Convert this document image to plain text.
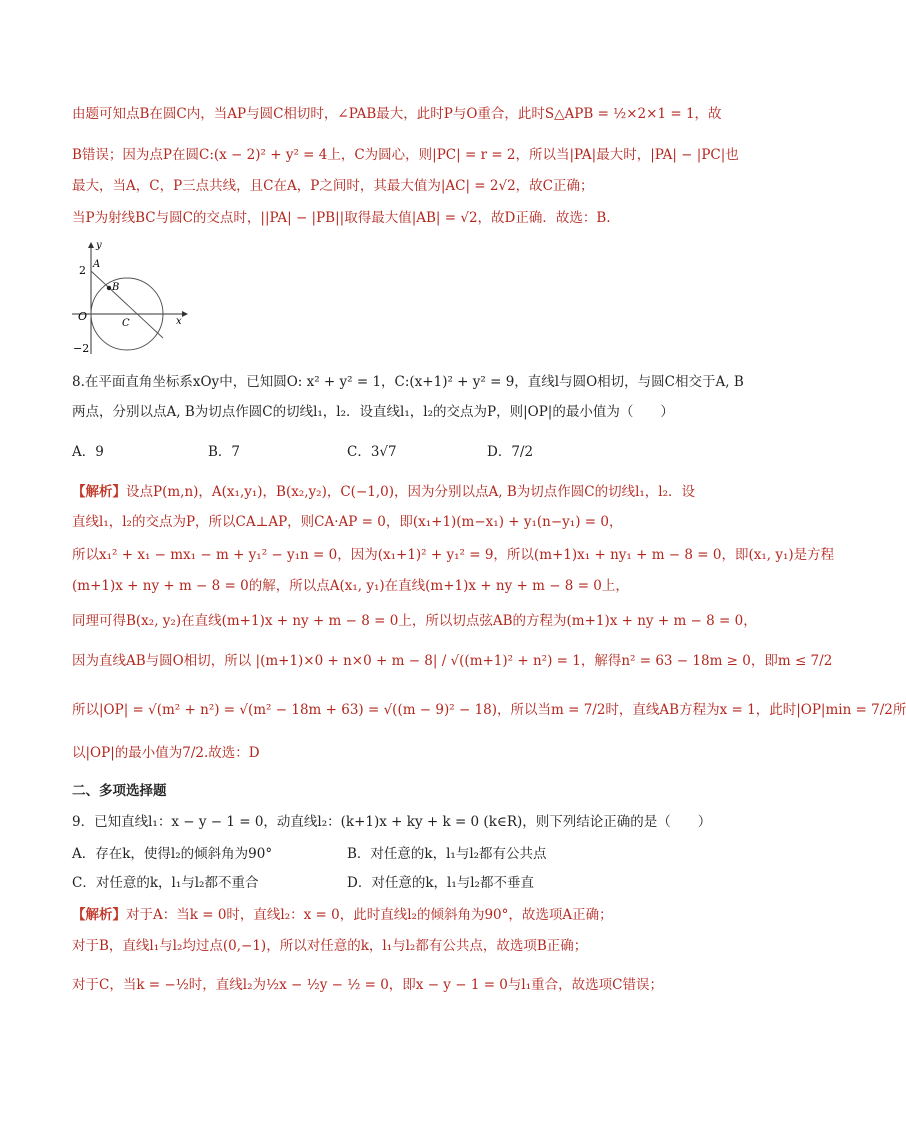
由题可知点B在圆C内，当AP与圆C相切时，∠PAB最大，此时P与O重合，此时S△APB = ½×2×1 = 1，故
B错误；因为点P在圆C:(x − 2)² + y² = 4上，C为圆心，则|PC| = r = 2，所以当|PA|最大时，|PA| − |PC|也
最大，当A，C，P三点共线，且C在A，P之间时，其最大值为|AC| = 2√2，故C正确；
当P为射线BC与圆C的交点时，||PA| − |PB||取得最大值|AB| = √2，故D正确．故选：B.
y
x
2
−2
O
A
B
C
8.在平面直角坐标系xOy中，已知圆O: x² + y² = 1，C:(x+1)² + y² = 9，直线l与圆O相切，与圆C相交于A, B
两点，分别以点A, B为切点作圆C的切线l₁，l₂．设直线l₁，l₂的交点为P，则|OP|的最小值为（　　）
A．9	B．7	C．3√7	D．7/2
【解析】设点P(m,n)，A(x₁,y₁)，B(x₂,y₂)，C(−1,0)，因为分别以点A, B为切点作圆C的切线l₁，l₂．设
直线l₁，l₂的交点为P，所以CA⊥AP，则CA·AP = 0，即(x₁+1)(m−x₁) + y₁(n−y₁) = 0，
所以x₁² + x₁ − mx₁ − m + y₁² − y₁n = 0，因为(x₁+1)² + y₁² = 9，所以(m+1)x₁ + ny₁ + m − 8 = 0，即(x₁, y₁)是方程
(m+1)x + ny + m − 8 = 0的解，所以点A(x₁, y₁)在直线(m+1)x + ny + m − 8 = 0上，
同理可得B(x₂, y₂)在直线(m+1)x + ny + m − 8 = 0上，所以切点弦AB的方程为(m+1)x + ny + m − 8 = 0，
因为直线AB与圆O相切，所以 |(m+1)×0 + n×0 + m − 8| / √((m+1)² + n²) = 1，解得n² = 63 − 18m ≥ 0，即m ≤ 7/2
所以|OP| = √(m² + n²) = √(m² − 18m + 63) = √((m − 9)² − 18)，所以当m = 7/2时，直线AB方程为x = 1，此时|OP|min = 7/2所
以|OP|的最小值为7/2.故选：D
二、多项选择题
9．已知直线l₁：x − y − 1 = 0，动直线l₂：(k+1)x + ky + k = 0 (k∈R)，则下列结论正确的是（　　）
A．存在k，使得l₂的倾斜角为90°	B．对任意的k，l₁与l₂都有公共点
C．对任意的k，l₁与l₂都不重合	D．对任意的k，l₁与l₂都不垂直
【解析】对于A：当k = 0时，直线l₂：x = 0，此时直线l₂的倾斜角为90°，故选项A正确；
对于B，直线l₁与l₂均过点(0,−1)，所以对任意的k，l₁与l₂都有公共点，故选项B正确；
对于C，当k = −½时，直线l₂为½x − ½y − ½ = 0，即x − y − 1 = 0与l₁重合，故选项C错误；
